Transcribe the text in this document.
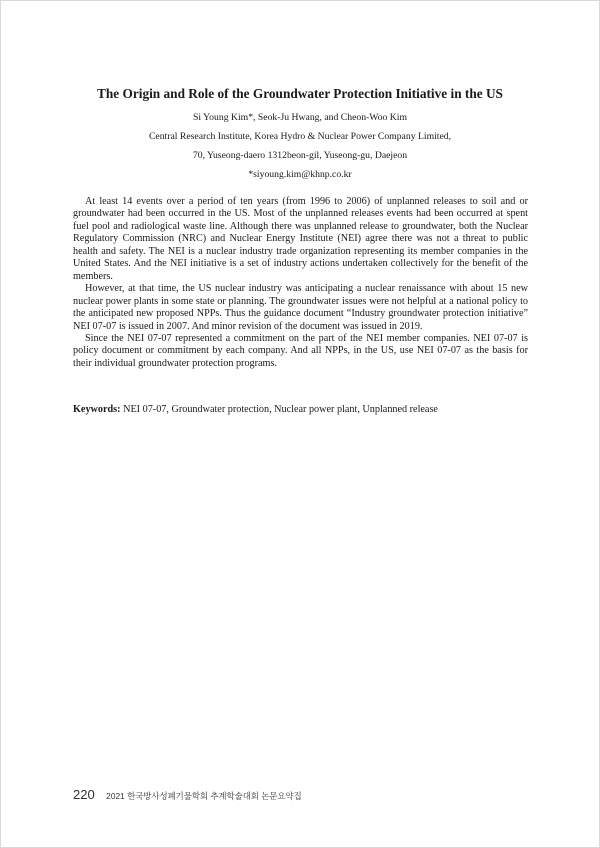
The Origin and Role of the Groundwater Protection Initiative in the US
Si Young Kim*, Seok-Ju Hwang, and Cheon-Woo Kim
Central Research Institute, Korea Hydro & Nuclear Power Company Limited,
70, Yuseong-daero 1312beon-gil, Yuseong-gu, Daejeon
*siyoung.kim@khnp.co.kr

At least 14 events over a period of ten years (from 1996 to 2006) of unplanned releases to soil and or groundwater had been occurred in the US. Most of the unplanned releases events had been occurred at spent fuel pool and radiological waste line. Although there was unplanned release to groundwater, both the Nuclear Regulatory Commission (NRC) and Nuclear Energy Institute (NEI) agree there was not a threat to public health and safety. The NEI is a nuclear industry trade organization representing its member companies in the United States. And the NEI initiative is a set of industry actions undertaken collectively for the benefit of the members.

However, at that time, the US nuclear industry was anticipating a nuclear renaissance with about 15 new nuclear power plants in some state or planning. The groundwater issues were not helpful at a national policy to the anticipated new proposed NPPs. Thus the guidance document “Industry groundwater protection initiative” NEI 07-07 is issued in 2007. And minor revision of the document was issued in 2019.

Since the NEI 07-07 represented a commitment on the part of the NEI member companies. NEI 07-07 is policy document or commitment by each company. And all NPPs, in the US, use NEI 07-07 as the basis for their individual groundwater protection programs.

Keywords: NEI 07-07, Groundwater protection, Nuclear power plant, Unplanned release
220 2021 한국방사성폐기물학회 추계학술대회 논문요약집
